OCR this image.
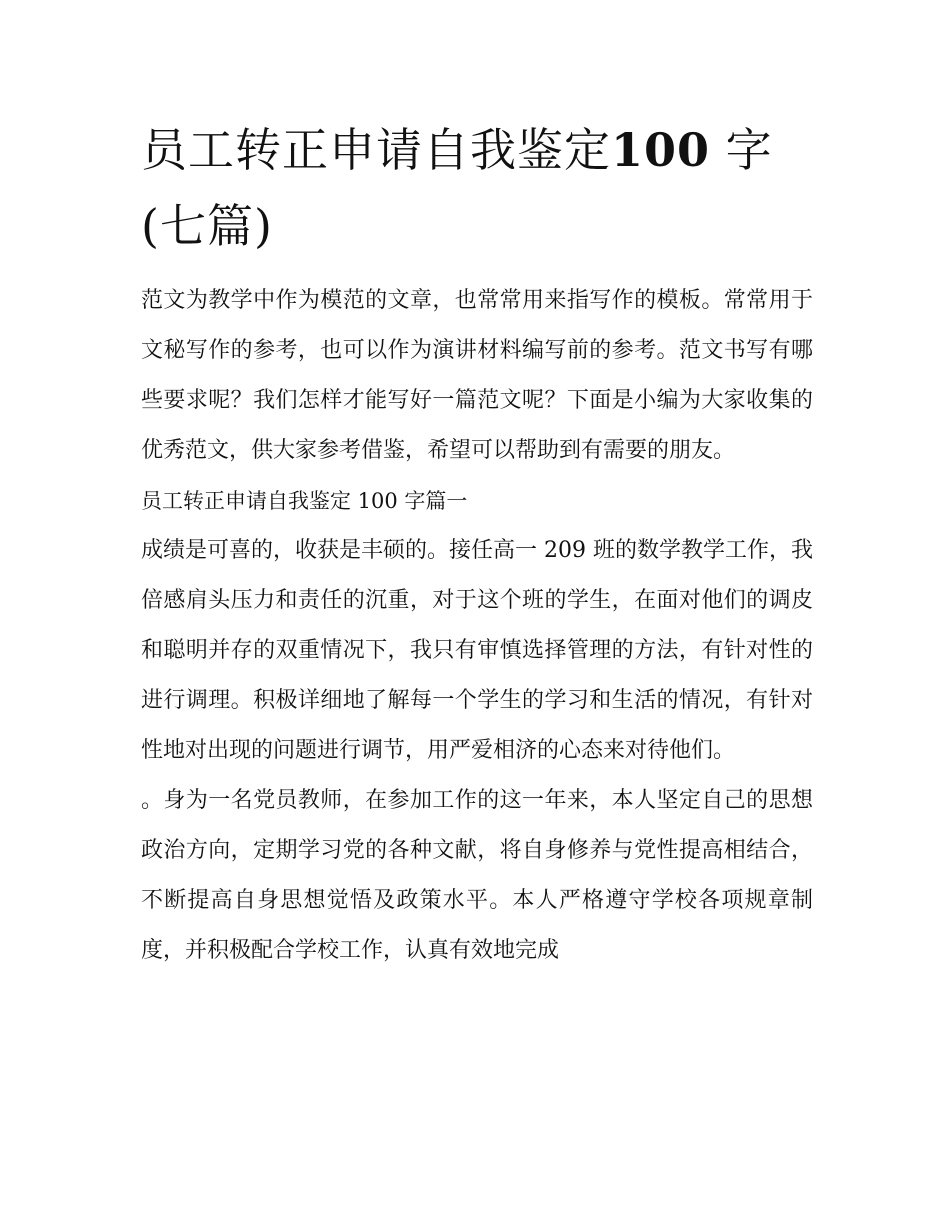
员工转正申请自我鉴定100 字(七篇)

范文为教学中作为模范的文章，也常常用来指写作的模板。常常用于文秘写作的参考，也可以作为演讲材料编写前的参考。范文书写有哪些要求呢？我们怎样才能写好一篇范文呢？下面是小编为大家收集的优秀范文，供大家参考借鉴，希望可以帮助到有需要的朋友。

员工转正申请自我鉴定 100 字篇一

成绩是可喜的，收获是丰硕的。接任高一 209 班的数学教学工作，我倍感肩头压力和责任的沉重，对于这个班的学生，在面对他们的调皮和聪明并存的双重情况下，我只有审慎选择管理的方法，有针对性的进行调理。积极详细地了解每一个学生的学习和生活的情况，有针对性地对出现的问题进行调节，用严爱相济的心态来对待他们。

。身为一名党员教师，在参加工作的这一年来，本人坚定自己的思想政治方向，定期学习党的各种文献，将自身修养与党性提高相结合，不断提高自身思想觉悟及政策水平。本人严格遵守学校各项规章制度，并积极配合学校工作，认真有效地完成
